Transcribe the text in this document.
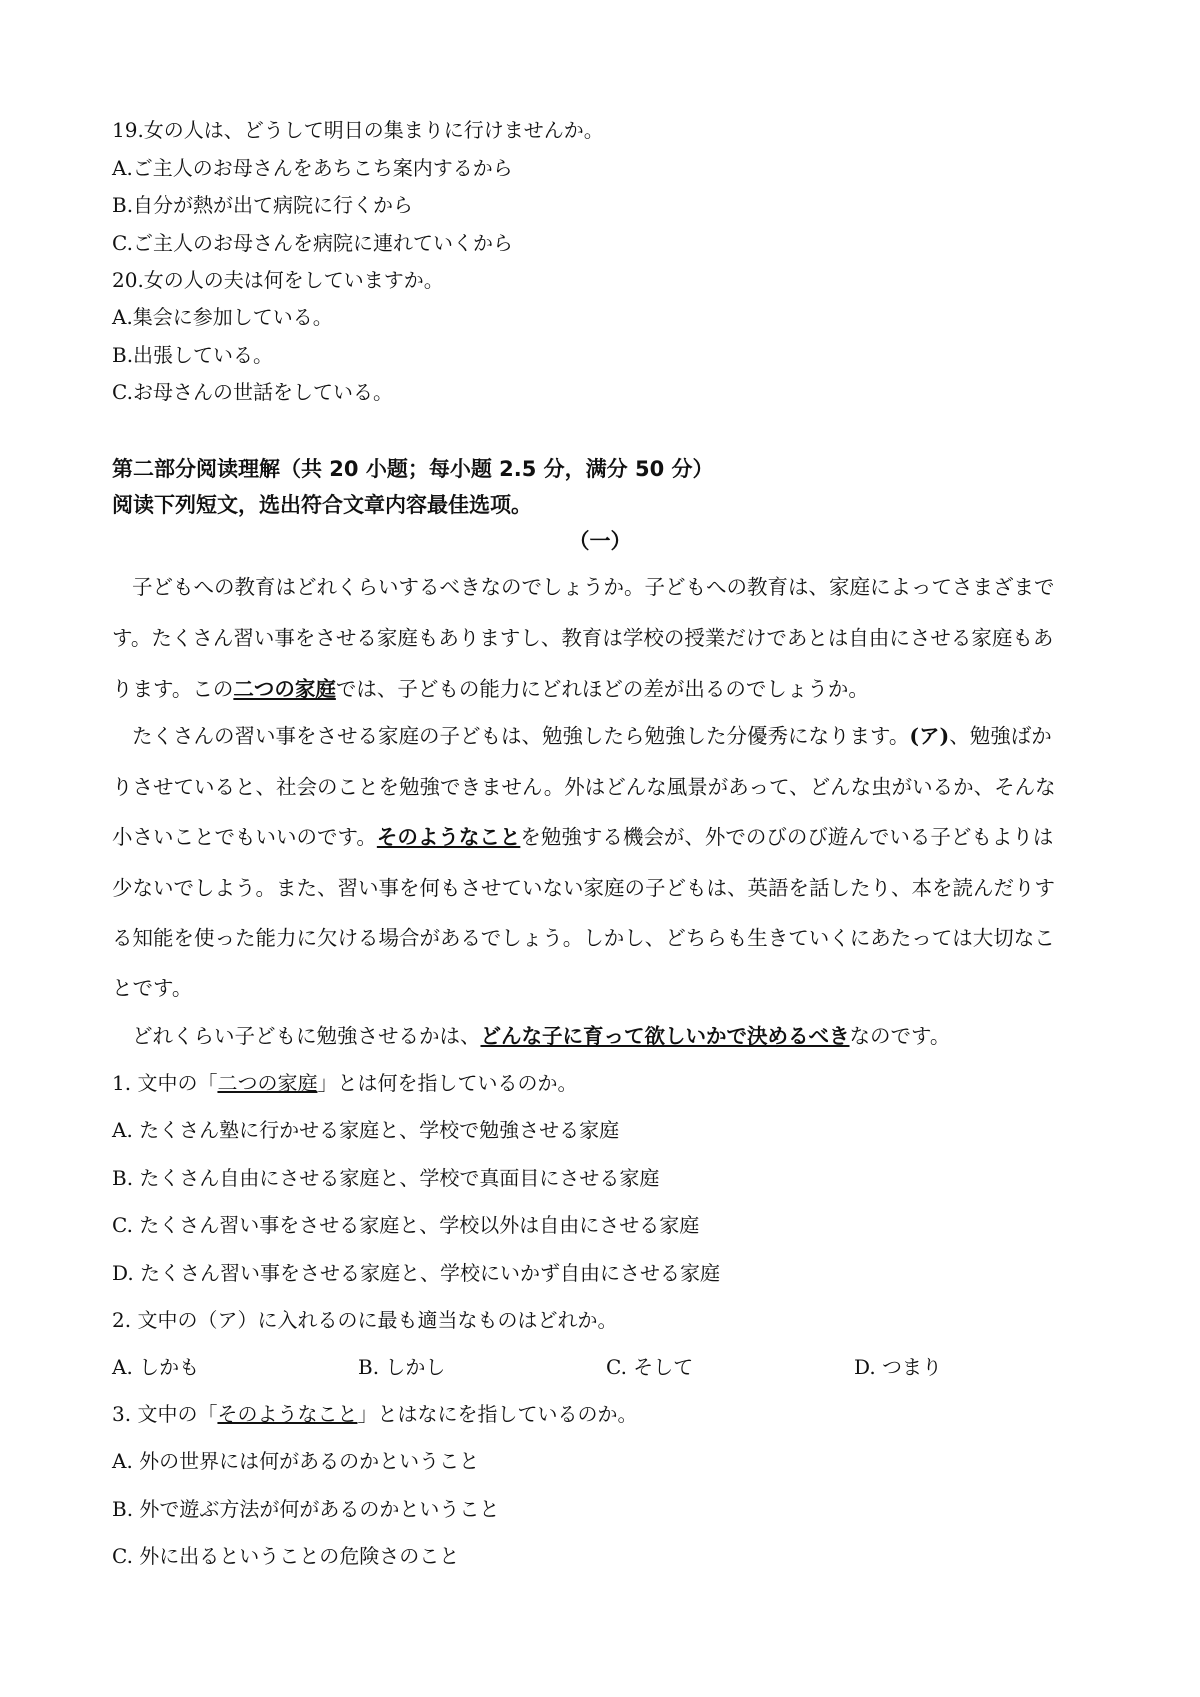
19.女の人は、どうして明日の集まりに行けませんか。
A.ご主人のお母さんをあちこち案内するから
B.自分が熱が出て病院に行くから
C.ご主人のお母さんを病院に連れていくから
20.女の人の夫は何をしていますか。
A.集会に参加している。
B.出張している。
C.お母さんの世話をしている。
第二部分阅读理解（共 20 小题；每小题 2.5 分，满分 50 分）
阅读下列短文，选出符合文章内容最佳选项。
（一）
子どもへの教育はどれくらいするべきなのでしょうか。子どもへの教育は、家庭によってさまざまで
す。たくさん習い事をさせる家庭もありますし、教育は学校の授業だけであとは自由にさせる家庭もあ
ります。この二つの家庭では、子どもの能力にどれほどの差が出るのでしょうか。
たくさんの習い事をさせる家庭の子どもは、勉強したら勉強した分優秀になります。(ア)、勉強ばか
りさせていると、社会のことを勉強できません。外はどんな風景があって、どんな虫がいるか、そんな
小さいことでもいいのです。そのようなことを勉強する機会が、外でのびのび遊んでいる子どもよりは
少ないでしよう。また、習い事を何もさせていない家庭の子どもは、英語を話したり、本を読んだりす
る知能を使った能力に欠ける場合があるでしょう。しかし、どちらも生きていくにあたっては大切なこ
とです。
どれくらい子どもに勉強させるかは、どんな子に育って欲しいかで決めるべきなのです。
1. 文中の「二つの家庭」とは何を指しているのか。
A. たくさん塾に行かせる家庭と、学校で勉強させる家庭
B. たくさん自由にさせる家庭と、学校で真面目にさせる家庭
C. たくさん習い事をさせる家庭と、学校以外は自由にさせる家庭
D. たくさん習い事をさせる家庭と、学校にいかず自由にさせる家庭
2. 文中の（ア）に入れるのに最も適当なものはどれか。
A. しかも	B. しかし	C. そして	D. つまり
3. 文中の「そのようなこと」とはなにを指しているのか。
A. 外の世界には何があるのかということ
B. 外で遊ぶ方法が何があるのかということ
C. 外に出るということの危険さのこと
